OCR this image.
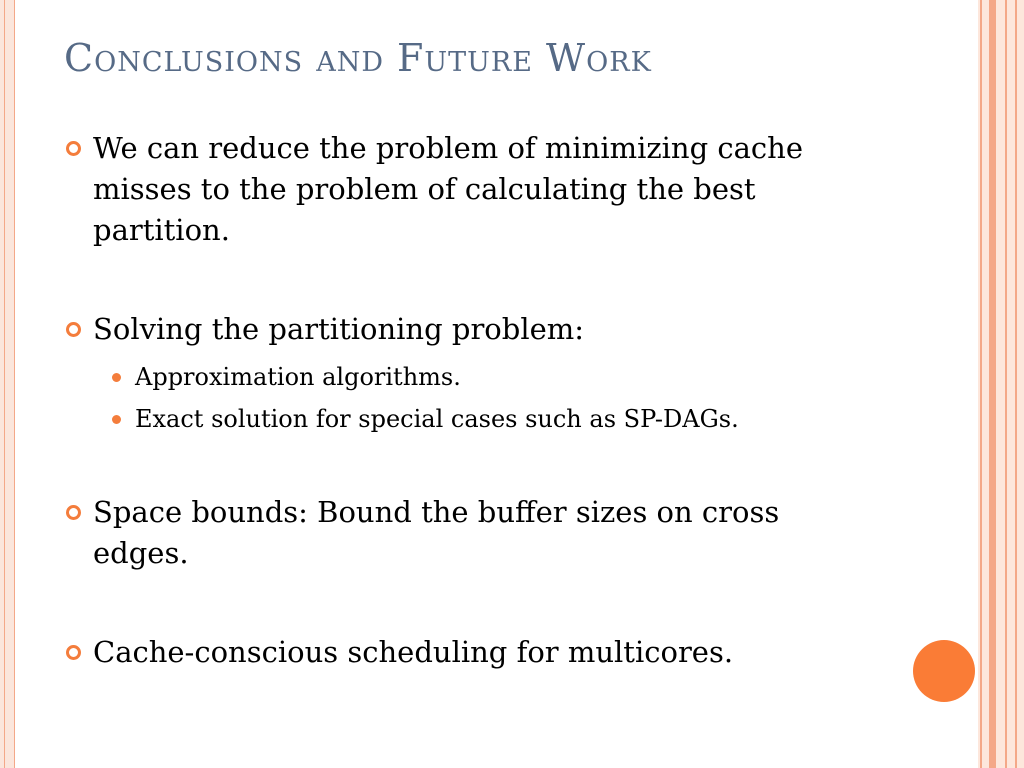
Conclusions and Future Work
We can reduce the problem of minimizing cache misses to the problem of calculating the best partition.
Solving the partitioning problem:
Approximation algorithms.
Exact solution for special cases such as SP-DAGs.
Space bounds: Bound the buffer sizes on cross edges.
Cache-conscious scheduling for multicores.
